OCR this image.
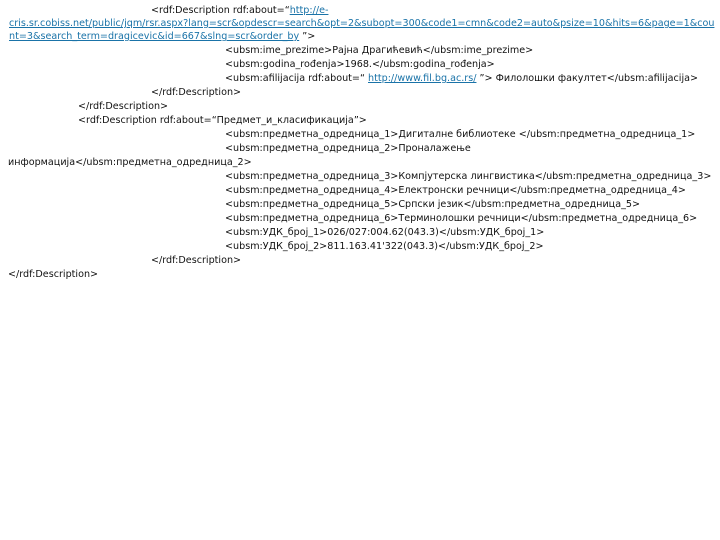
<rdf:Description rdf:about=“http://e-
cris.sr.cobiss.net/public/jqm/rsr.aspx?lang=scr&opdescr=search&opt=2&subopt=300&code1=cmn&code2=auto&psize=10&hits=6&page=1&cou
nt=3&search_term=dragicevic&id=667&slng=scr&order_by ”>
<ubsm:ime_prezime>Рајна Драгићевић</ubsm:ime_prezime>
<ubsm:godina_rođenja>1968.</ubsm:godina_rođenja>
<ubsm:afilijacija rdf:about=“ http://www.fil.bg.ac.rs/ ”> Филолошки факултет</ubsm:afilijacija>
</rdf:Description>
</rdf:Description>
<rdf:Description rdf:about=“Предмет_и_класификација”>
<ubsm:предметна_одредница_1>Дигиталне библиотеке </ubsm:предметна_одредница_1>
<ubsm:предметна_одредница_2>Проналажење
информација</ubsm:предметна_одредница_2>
<ubsm:предметна_одредница_3>Компјутерска лингвистика</ubsm:предметна_одредница_3>
<ubsm:предметна_одредница_4>Електронски речници</ubsm:предметна_одредница_4>
<ubsm:предметна_одредница_5>Српски језик</ubsm:предметна_одредница_5>
<ubsm:предметна_одредница_6>Терминолошки речници</ubsm:предметна_одредница_6>
<ubsm:УДК_број_1>026/027:004.62(043.3)</ubsm:УДК_број_1>
<ubsm:УДК_број_2>811.163.41'322(043.3)</ubsm:УДК_број_2>
</rdf:Description>
</rdf:Description>
